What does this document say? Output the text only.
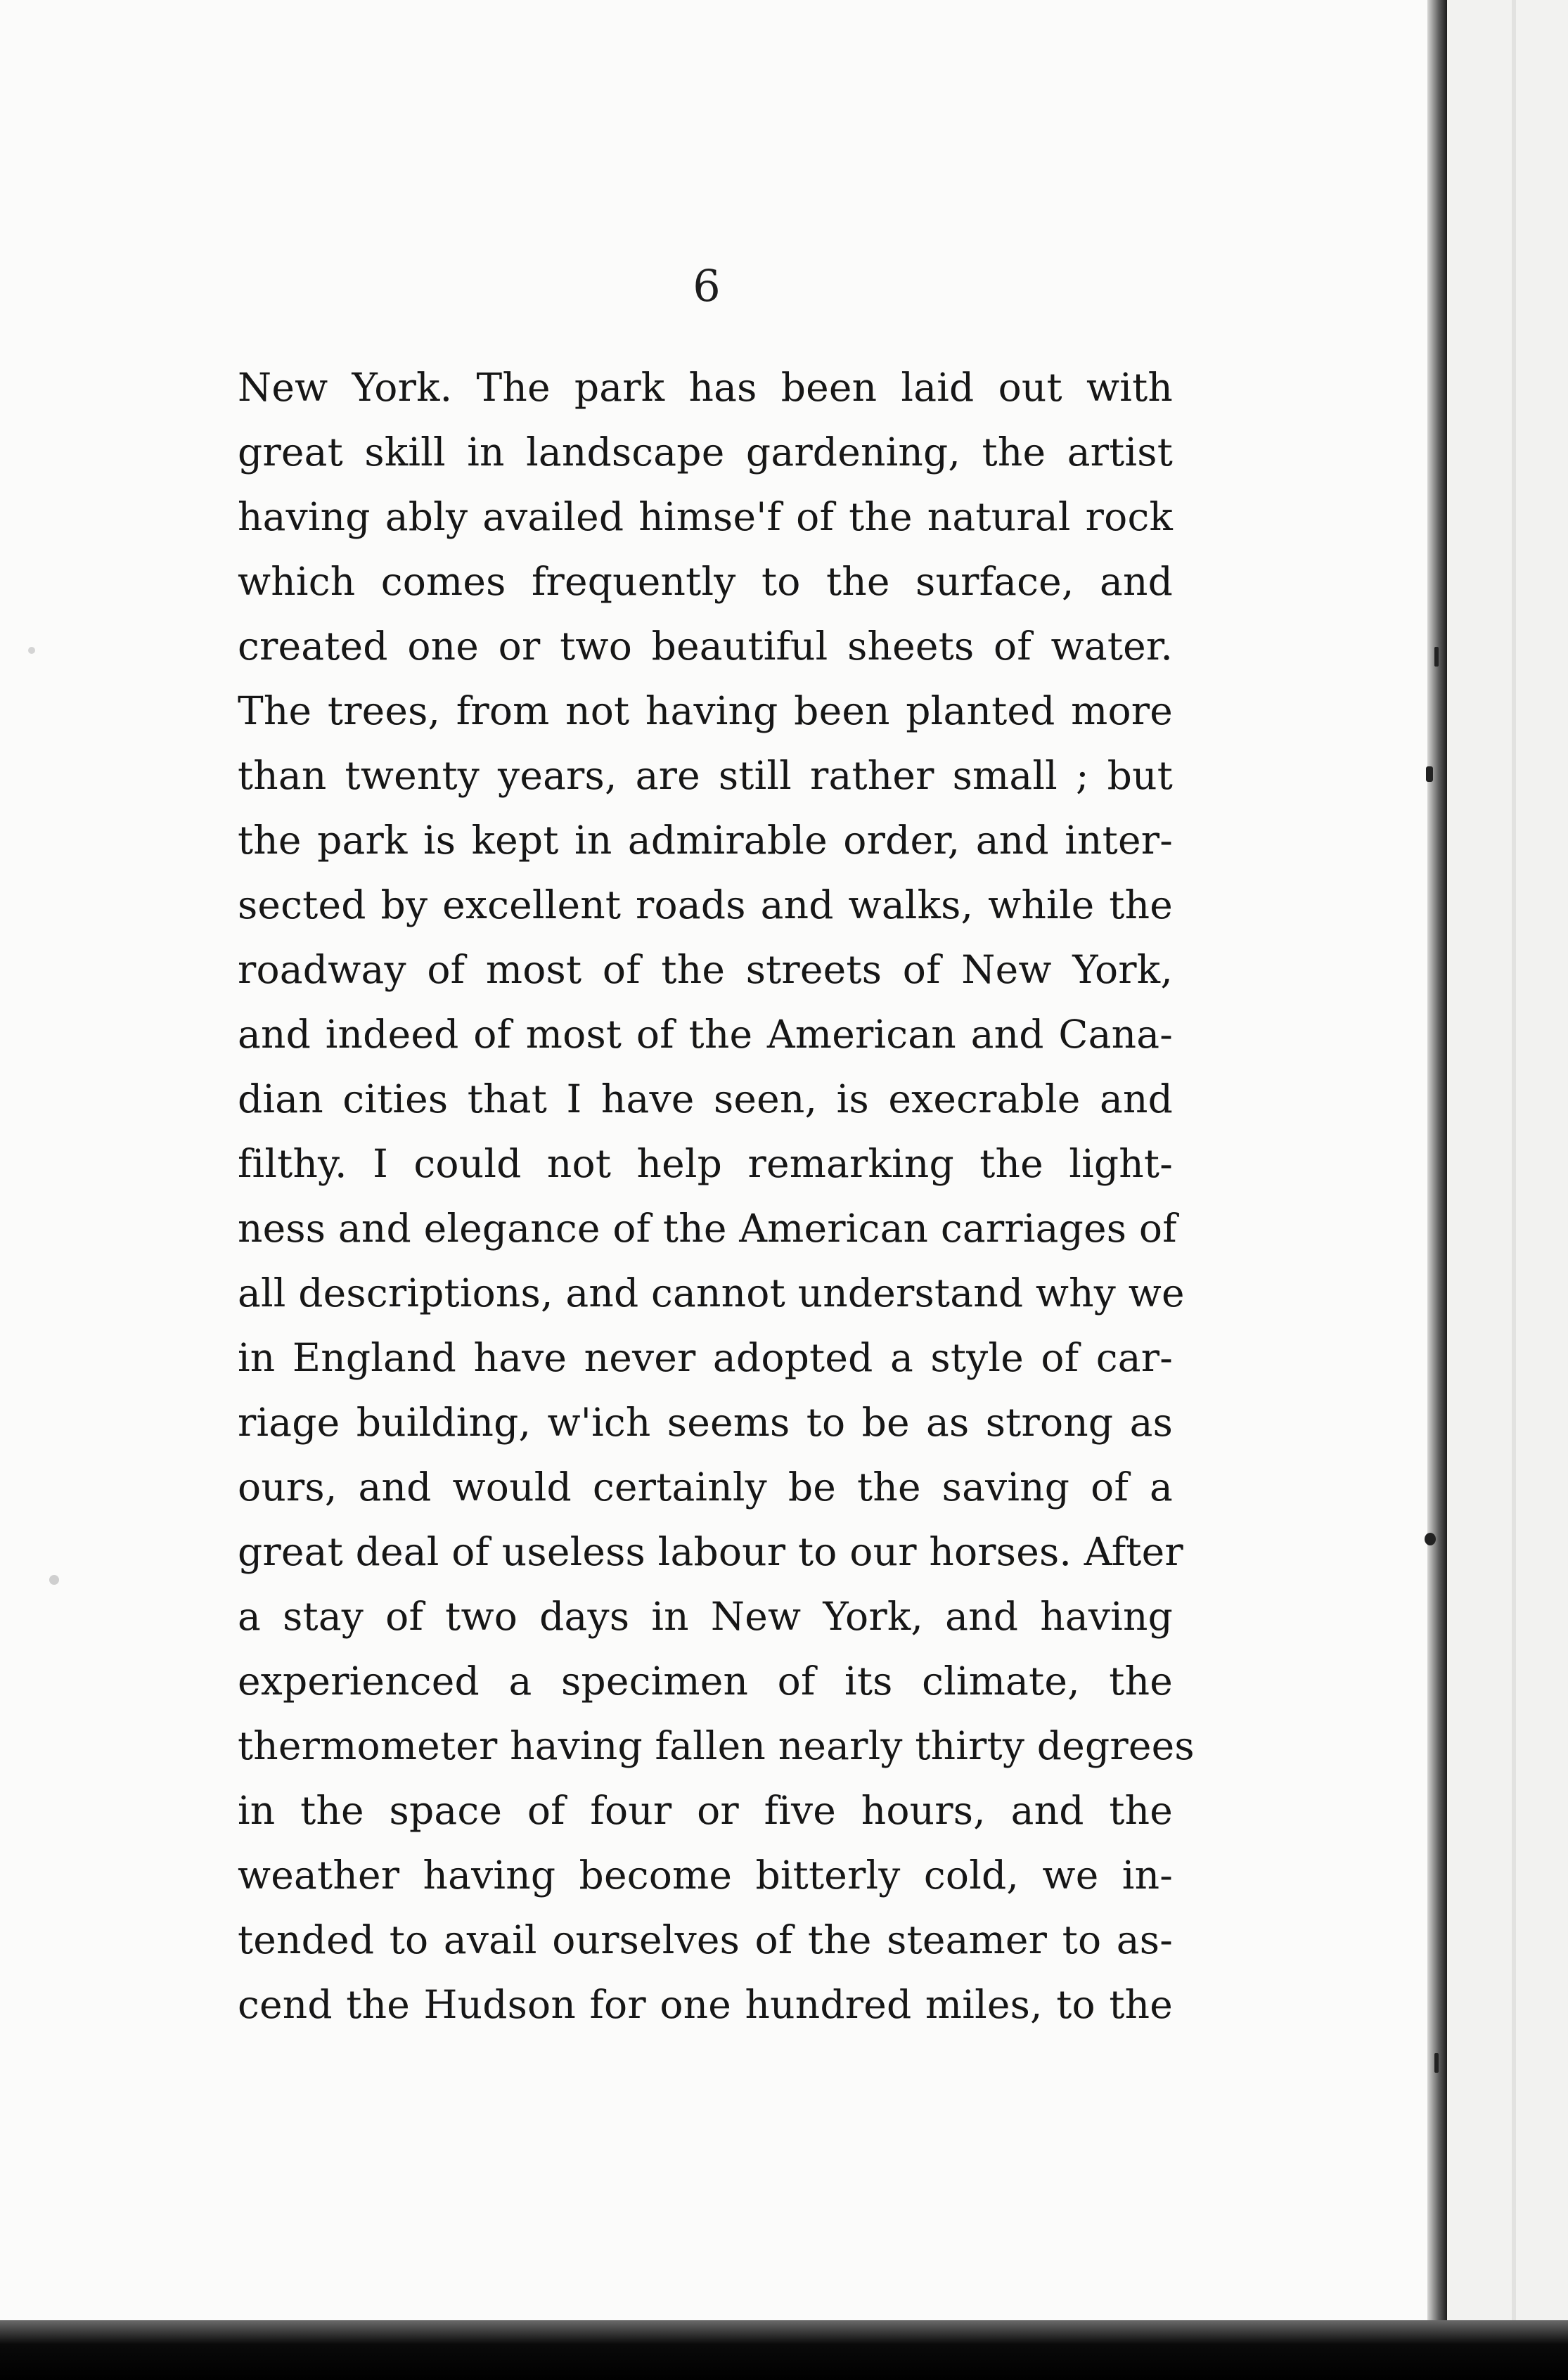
6
New York. The park has been laid out with
great skill in landscape gardening, the artist
having ably availed himse'f of the natural rock
which comes frequently to the surface, and
created one or two beautiful sheets of water.
The trees, from not having been planted more
than twenty years, are still rather small ; but
the park is kept in admirable order, and inter-
sected by excellent roads and walks, while the
roadway of most of the streets of New York,
and indeed of most of the American and Cana-
dian cities that I have seen, is execrable and
filthy. I could not help remarking the light-
ness and elegance of the American carriages of
all descriptions, and cannot understand why we
in England have never adopted a style of car-
riage building, w'ich seems to be as strong as
ours, and would certainly be the saving of a
great deal of useless labour to our horses. After
a stay of two days in New York, and having
experienced a specimen of its climate, the
thermometer having fallen nearly thirty degrees
in the space of four or five hours, and the
weather having become bitterly cold, we in-
tended to avail ourselves of the steamer to as-
cend the Hudson for one hundred miles, to the
